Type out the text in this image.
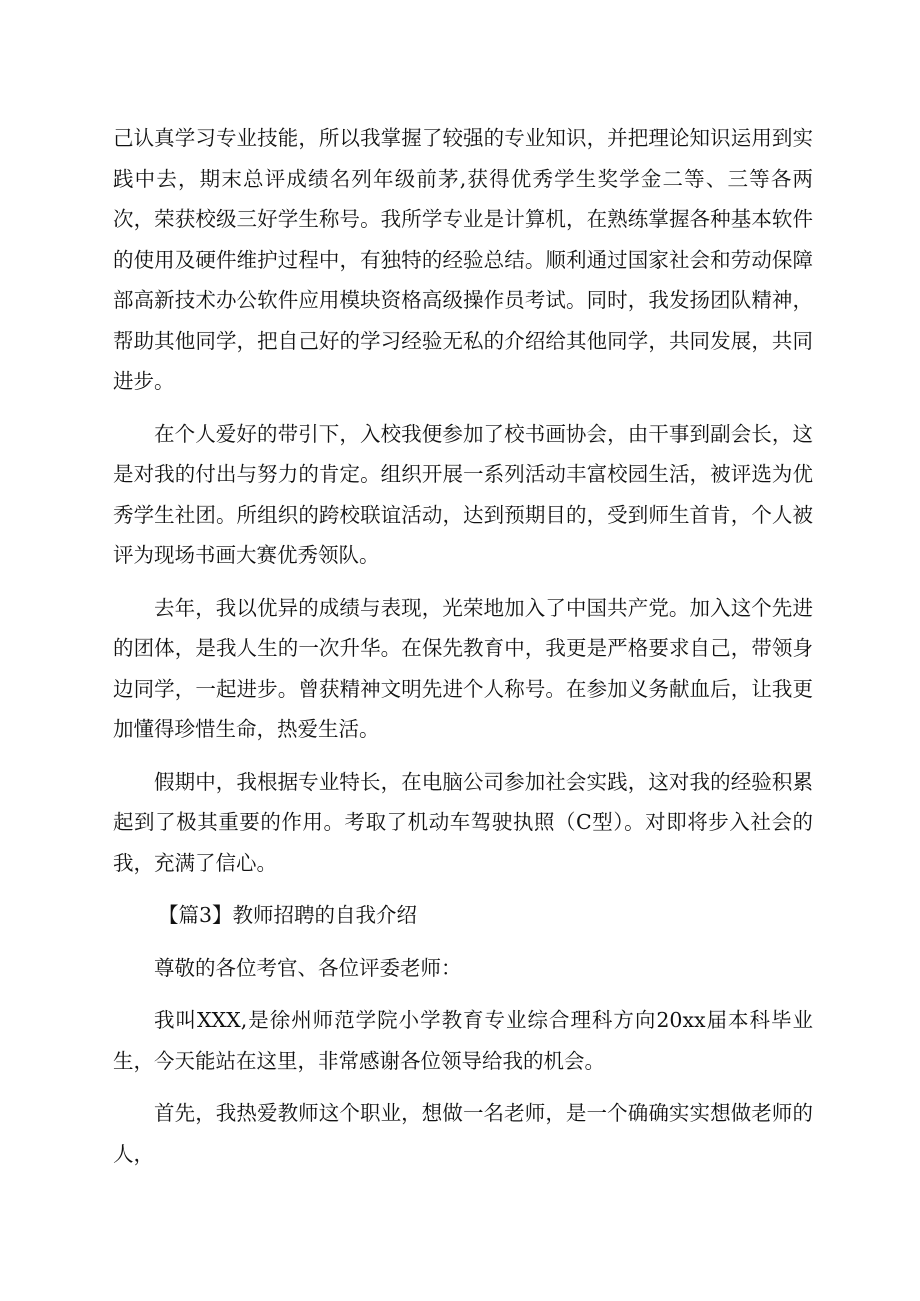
己认真学习专业技能，所以我掌握了较强的专业知识，并把理论知识运用到实践中去，期末总评成绩名列年级前茅,获得优秀学生奖学金二等、三等各两次，荣获校级三好学生称号。我所学专业是计算机，在熟练掌握各种基本软件的使用及硬件维护过程中，有独特的经验总结。顺利通过国家社会和劳动保障部高新技术办公软件应用模块资格高级操作员考试。同时，我发扬团队精神，帮助其他同学，把自己好的学习经验无私的介绍给其他同学，共同发展，共同进步。

在个人爱好的带引下，入校我便参加了校书画协会，由干事到副会长，这是对我的付出与努力的肯定。组织开展一系列活动丰富校园生活，被评选为优秀学生社团。所组织的跨校联谊活动，达到预期目的，受到师生首肯，个人被评为现场书画大赛优秀领队。

去年，我以优异的成绩与表现，光荣地加入了中国共产党。加入这个先进的团体，是我人生的一次升华。在保先教育中，我更是严格要求自己，带领身边同学，一起进步。曾获精神文明先进个人称号。在参加义务献血后，让我更加懂得珍惜生命，热爱生活。

假期中，我根据专业特长，在电脑公司参加社会实践，这对我的经验积累起到了极其重要的作用。考取了机动车驾驶执照（C型）。对即将步入社会的我，充满了信心。

【篇3】教师招聘的自我介绍

尊敬的各位考官、各位评委老师：

我叫XXX,是徐州师范学院小学教育专业综合理科方向20xx届本科毕业生，今天能站在这里，非常感谢各位领导给我的机会。

首先，我热爱教师这个职业，想做一名老师，是一个确确实实想做老师的人，
